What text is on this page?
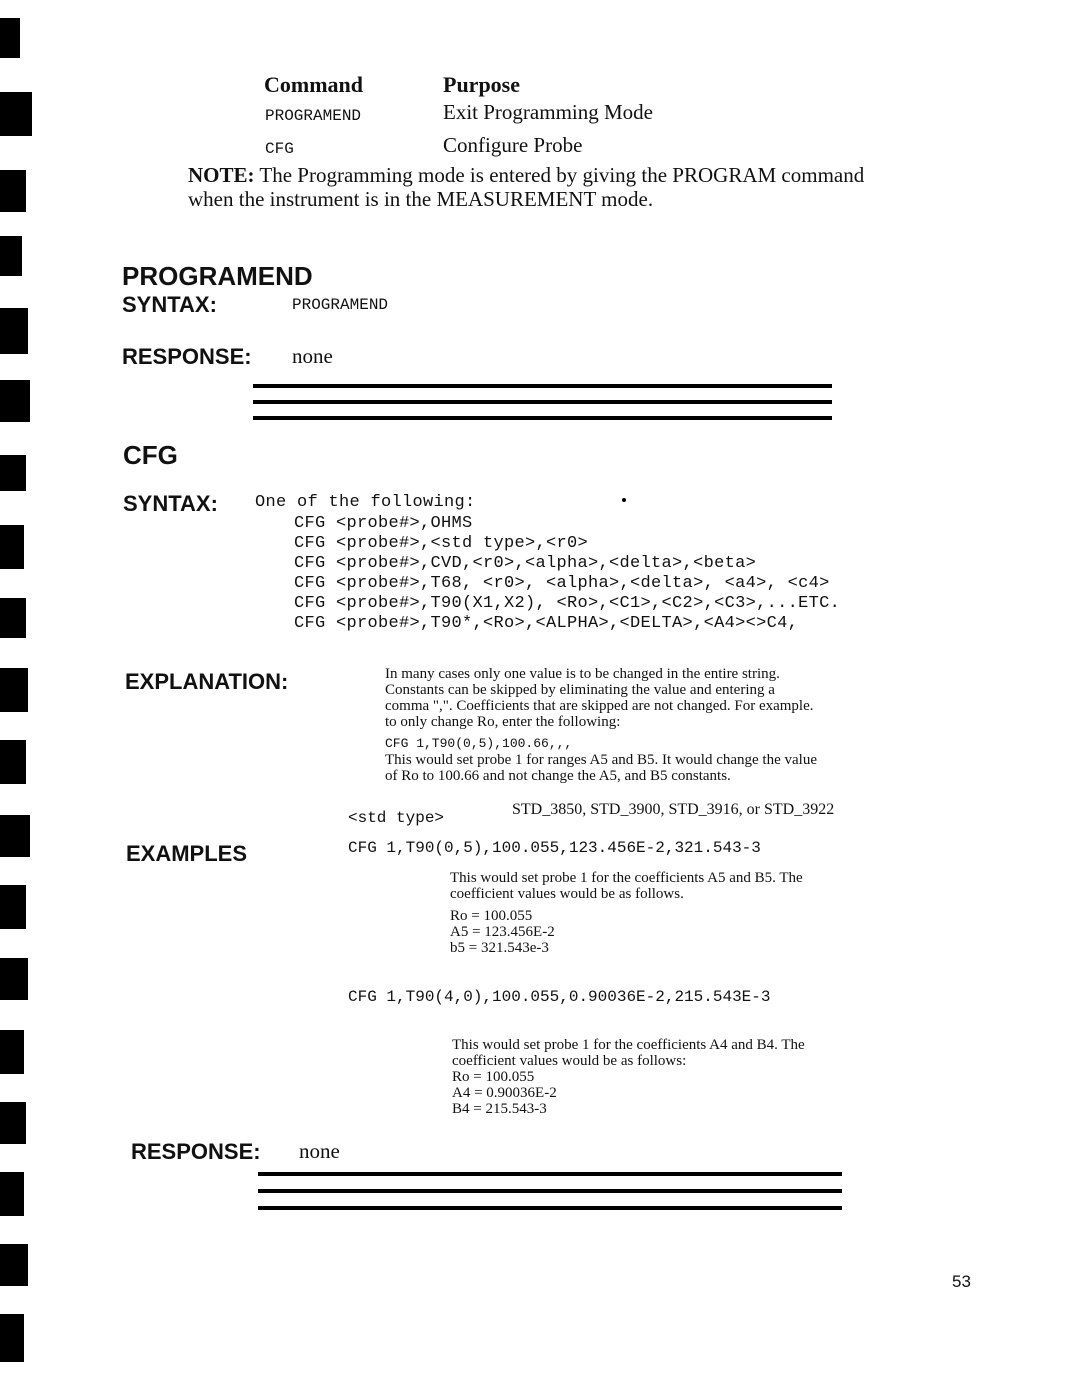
Command	Purpose
PROGRAMEND	Exit Programming Mode
CFG	Configure Probe
NOTE: The Programming mode is entered by giving the PROGRAM command
when the instrument is in the MEASUREMENT mode.
PROGRAMEND
SYNTAX:	PROGRAMEND
RESPONSE: none
CFG
SYNTAX: One of the following:
CFG <probe#>,OHMS
CFG <probe#>,<std type>,<r0>
CFG <probe#>,CVD,<r0>,<alpha>,<delta>,<beta>
CFG <probe#>,T68, <r0>, <alpha>,<delta>, <a4>, <c4>
CFG <probe#>,T90(X1,X2), <Ro>,<C1>,<C2>,<C3>,...ETC.
CFG <probe#>,T90*,<Ro>,<ALPHA>,<DELTA>,<A4><>C4,
EXPLANATION:	In many cases only one value is to be changed in the entire string.
Constants can be skipped by eliminating the value and entering a
comma ",". Coefficients that are skipped are not changed. For example.
to only change Ro, enter the following:
CFG 1,T90(0,5),100.66,,,
This would set probe 1 for ranges A5 and B5. It would change the value
of Ro to 100.66 and not change the A5, and B5 constants.
<std type>	STD_3850, STD_3900, STD_3916, or STD_3922
EXAMPLES	CFG 1,T90(0,5),100.055,123.456E-2,321.543-3
This would set probe 1 for the coefficients A5 and B5. The
coefficient values would be as follows.
Ro = 100.055
A5 = 123.456E-2
b5 = 321.543e-3
CFG 1,T90(4,0),100.055,0.90036E-2,215.543E-3
This would set probe 1 for the coefficients A4 and B4. The
coefficient values would be as follows:
Ro = 100.055
A4 = 0.90036E-2
B4 = 215.543-3
RESPONSE: none
53
